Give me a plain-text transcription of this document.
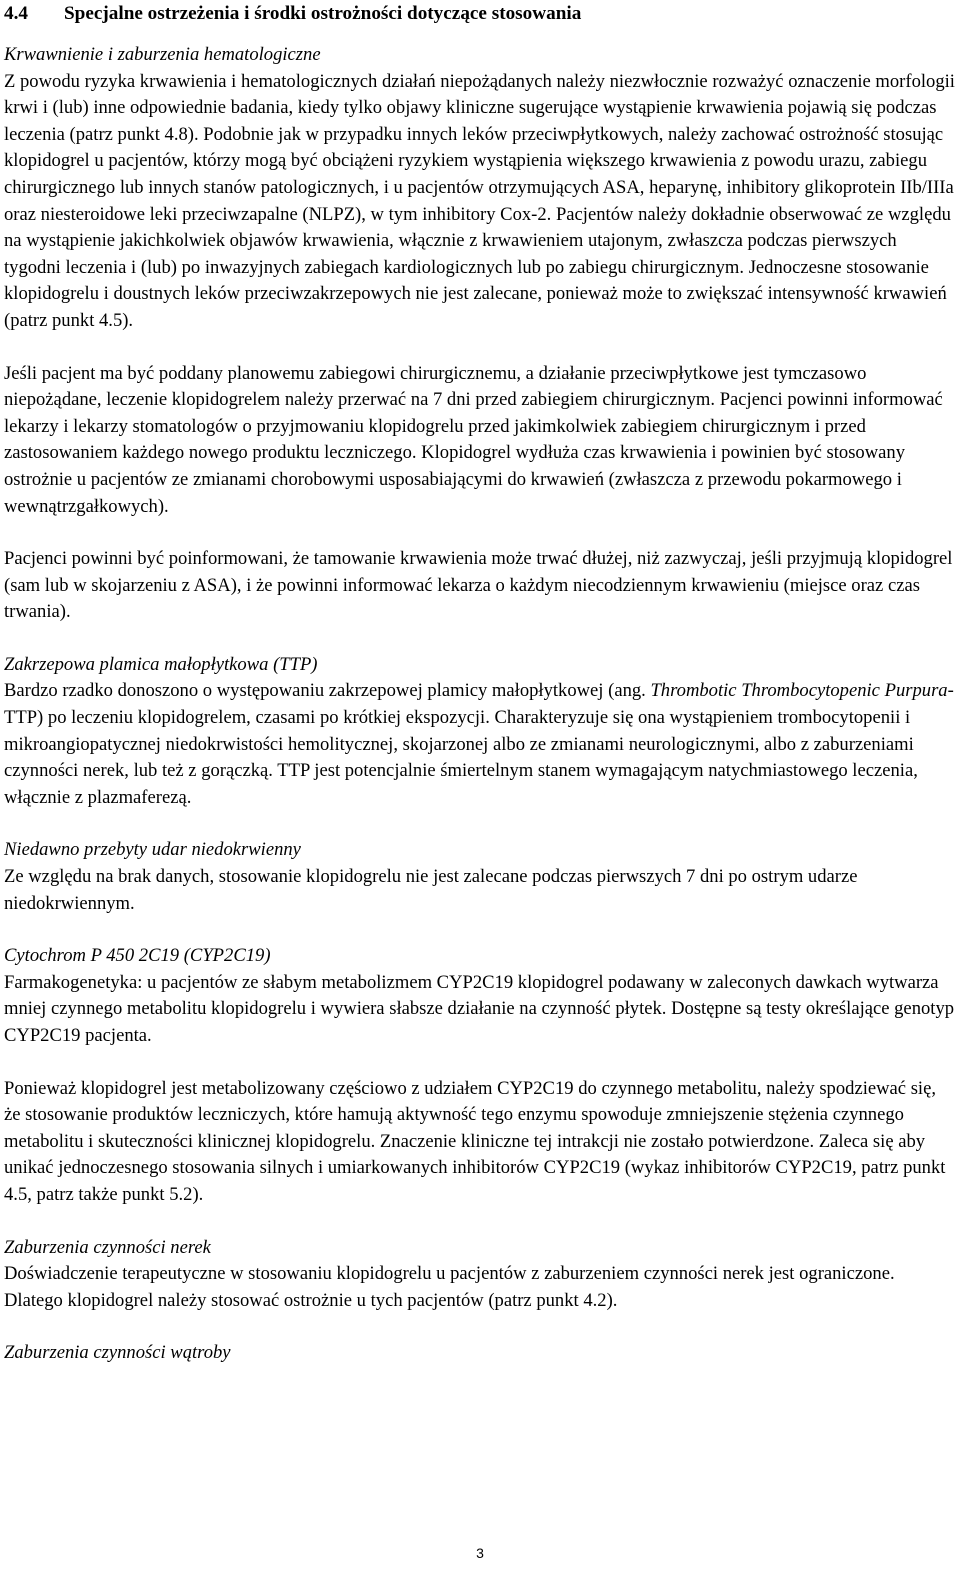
4.4	Specjalne ostrzeżenia i środki ostrożności dotyczące stosowania

Krwawnienie i zaburzenia hematologiczne

Z powodu ryzyka krwawienia i hematologicznych działań niepożądanych należy niezwłocznie rozważyć oznaczenie morfologii krwi i (lub) inne odpowiednie badania, kiedy tylko objawy kliniczne sugerujące wystąpienie krwawienia pojawią się podczas leczenia (patrz punkt 4.8). Podobnie jak w przypadku innych leków przeciwpłytkowych, należy zachować ostrożność stosując klopidogrel u pacjentów, którzy mogą być obciążeni ryzykiem wystąpienia większego krwawienia z powodu urazu, zabiegu chirurgicznego lub innych stanów patologicznych, i u pacjentów otrzymujących ASA, heparynę, inhibitory glikoprotein IIb/IIIa oraz niesteroidowe leki przeciwzapalne (NLPZ), w tym inhibitory Cox-2. Pacjentów należy dokładnie obserwować ze względu na wystąpienie jakichkolwiek objawów krwawienia, włącznie z krwawieniem utajonym, zwłaszcza podczas pierwszych tygodni leczenia i (lub) po inwazyjnych zabiegach kardiologicznych lub po zabiegu chirurgicznym. Jednoczesne stosowanie klopidogrelu i doustnych leków przeciwzakrzepowych nie jest zalecane, ponieważ może to zwiększać intensywność krwawień (patrz punkt 4.5).

Jeśli pacjent ma być poddany planowemu zabiegowi chirurgicznemu, a działanie przeciwpłytkowe jest tymczasowo niepożądane, leczenie klopidogrelem należy przerwać na 7 dni przed zabiegiem chirurgicznym. Pacjenci powinni informować lekarzy i lekarzy stomatologów o przyjmowaniu klopidogrelu przed jakimkolwiek zabiegiem chirurgicznym i przed zastosowaniem każdego nowego produktu leczniczego. Klopidogrel wydłuża czas krwawienia i powinien być stosowany ostrożnie u pacjentów ze zmianami chorobowymi usposabiającymi do krwawień (zwłaszcza z przewodu pokarmowego i wewnątrzgałkowych).

Pacjenci powinni być poinformowani, że tamowanie krwawienia może trwać dłużej, niż zazwyczaj, jeśli przyjmują klopidogrel (sam lub w skojarzeniu z ASA), i że powinni informować lekarza o każdym niecodziennym krwawieniu (miejsce oraz czas trwania).

Zakrzepowa plamica małopłytkowa (TTP)

Bardzo rzadko donoszono o występowaniu zakrzepowej plamicy małopłytkowej (ang. Thrombotic Thrombocytopenic Purpura-TTP) po leczeniu klopidogrelem, czasami po krótkiej ekspozycji. Charakteryzuje się ona wystąpieniem trombocytopenii i mikroangiopatycznej niedokrwistości hemolitycznej, skojarzonej albo ze zmianami neurologicznymi, albo z zaburzeniami czynności nerek, lub też z gorączką. TTP jest potencjalnie śmiertelnym stanem wymagającym natychmiastowego leczenia, włącznie z plazmaferezą.

Niedawno przebyty udar niedokrwienny

Ze względu na brak danych, stosowanie klopidogrelu nie jest zalecane podczas pierwszych 7 dni po ostrym udarze niedokrwiennym.

Cytochrom P 450 2C19 (CYP2C19)

Farmakogenetyka: u pacjentów ze słabym metabolizmem CYP2C19 klopidogrel podawany w zaleconych dawkach wytwarza mniej czynnego metabolitu klopidogrelu i wywiera słabsze działanie na czynność płytek. Dostępne są testy określające genotyp CYP2C19 pacjenta.

Ponieważ klopidogrel jest metabolizowany częściowo z udziałem CYP2C19 do czynnego metabolitu, należy spodziewać się, że stosowanie produktów leczniczych, które hamują aktywność tego enzymu spowoduje zmniejszenie stężenia czynnego metabolitu i skuteczności klinicznej klopidogrelu. Znaczenie kliniczne tej intrakcji nie zostało potwierdzone. Zaleca się aby unikać jednoczesnego stosowania silnych i umiarkowanych inhibitorów CYP2C19 (wykaz inhibitorów CYP2C19, patrz punkt 4.5, patrz także punkt 5.2).

Zaburzenia czynności nerek

Doświadczenie terapeutyczne w stosowaniu klopidogrelu u pacjentów z zaburzeniem czynności nerek jest ograniczone. Dlatego klopidogrel należy stosować ostrożnie u tych pacjentów (patrz punkt 4.2).

Zaburzenia czynności wątroby

3
